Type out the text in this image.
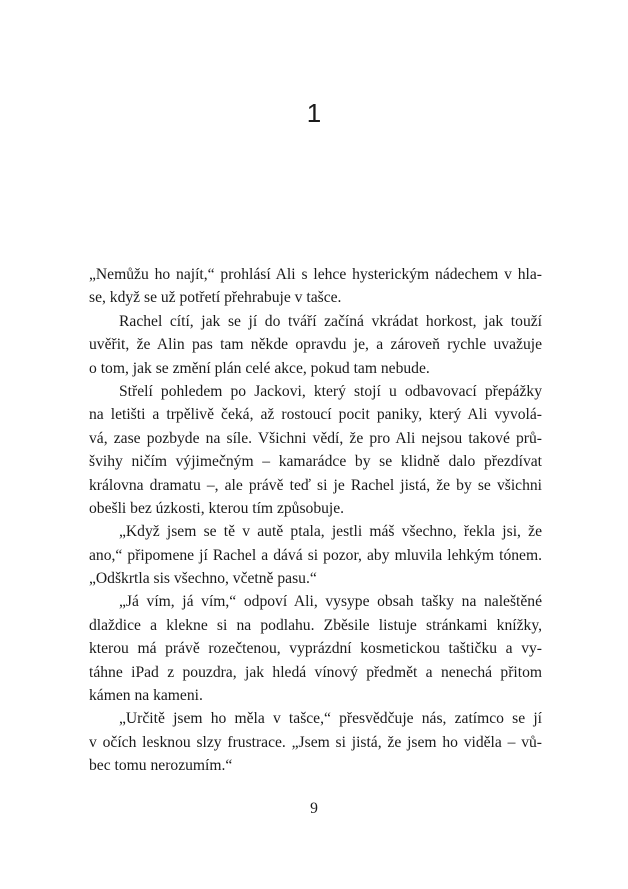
1
„Nemůžu ho najít,“ prohlásí Ali s lehce hysterickým nádechem v hla-
se, když se už potřetí přehrabuje v tašce.
Rachel cítí, jak se jí do tváří začíná vkrádat horkost, jak touží
uvěřit, že Alin pas tam někde opravdu je, a zároveň rychle uvažuje
o tom, jak se změní plán celé akce, pokud tam nebude.
Střelí pohledem po Jackovi, který stojí u odbavovací přepážky
na letišti a trpělivě čeká, až rostoucí pocit paniky, který Ali vyvolá-
vá, zase pozbyde na síle. Všichni vědí, že pro Ali nejsou takové prů-
švihy ničím výjimečným – kamarádce by se klidně dalo přezdívat
královna dramatu –, ale právě teď si je Rachel jistá, že by se všichni
obešli bez úzkosti, kterou tím způsobuje.
„Když jsem se tě v autě ptala, jestli máš všechno, řekla jsi, že
ano,“ připomene jí Rachel a dává si pozor, aby mluvila lehkým tónem.
„Odškrtla sis všechno, včetně pasu.“
„Já vím, já vím,“ odpoví Ali, vysype obsah tašky na naleštěné
dlaždice a klekne si na podlahu. Zběsile listuje stránkami knížky,
kterou má právě rozečtenou, vyprázdní kosmetickou taštičku a vy-
táhne iPad z pouzdra, jak hledá vínový předmět a nenechá přitom
kámen na kameni.
„Určitě jsem ho měla v tašce,“ přesvědčuje nás, zatímco se jí
v očích lesknou slzy frustrace. „Jsem si jistá, že jsem ho viděla – vů-
bec tomu nerozumím.“
9
